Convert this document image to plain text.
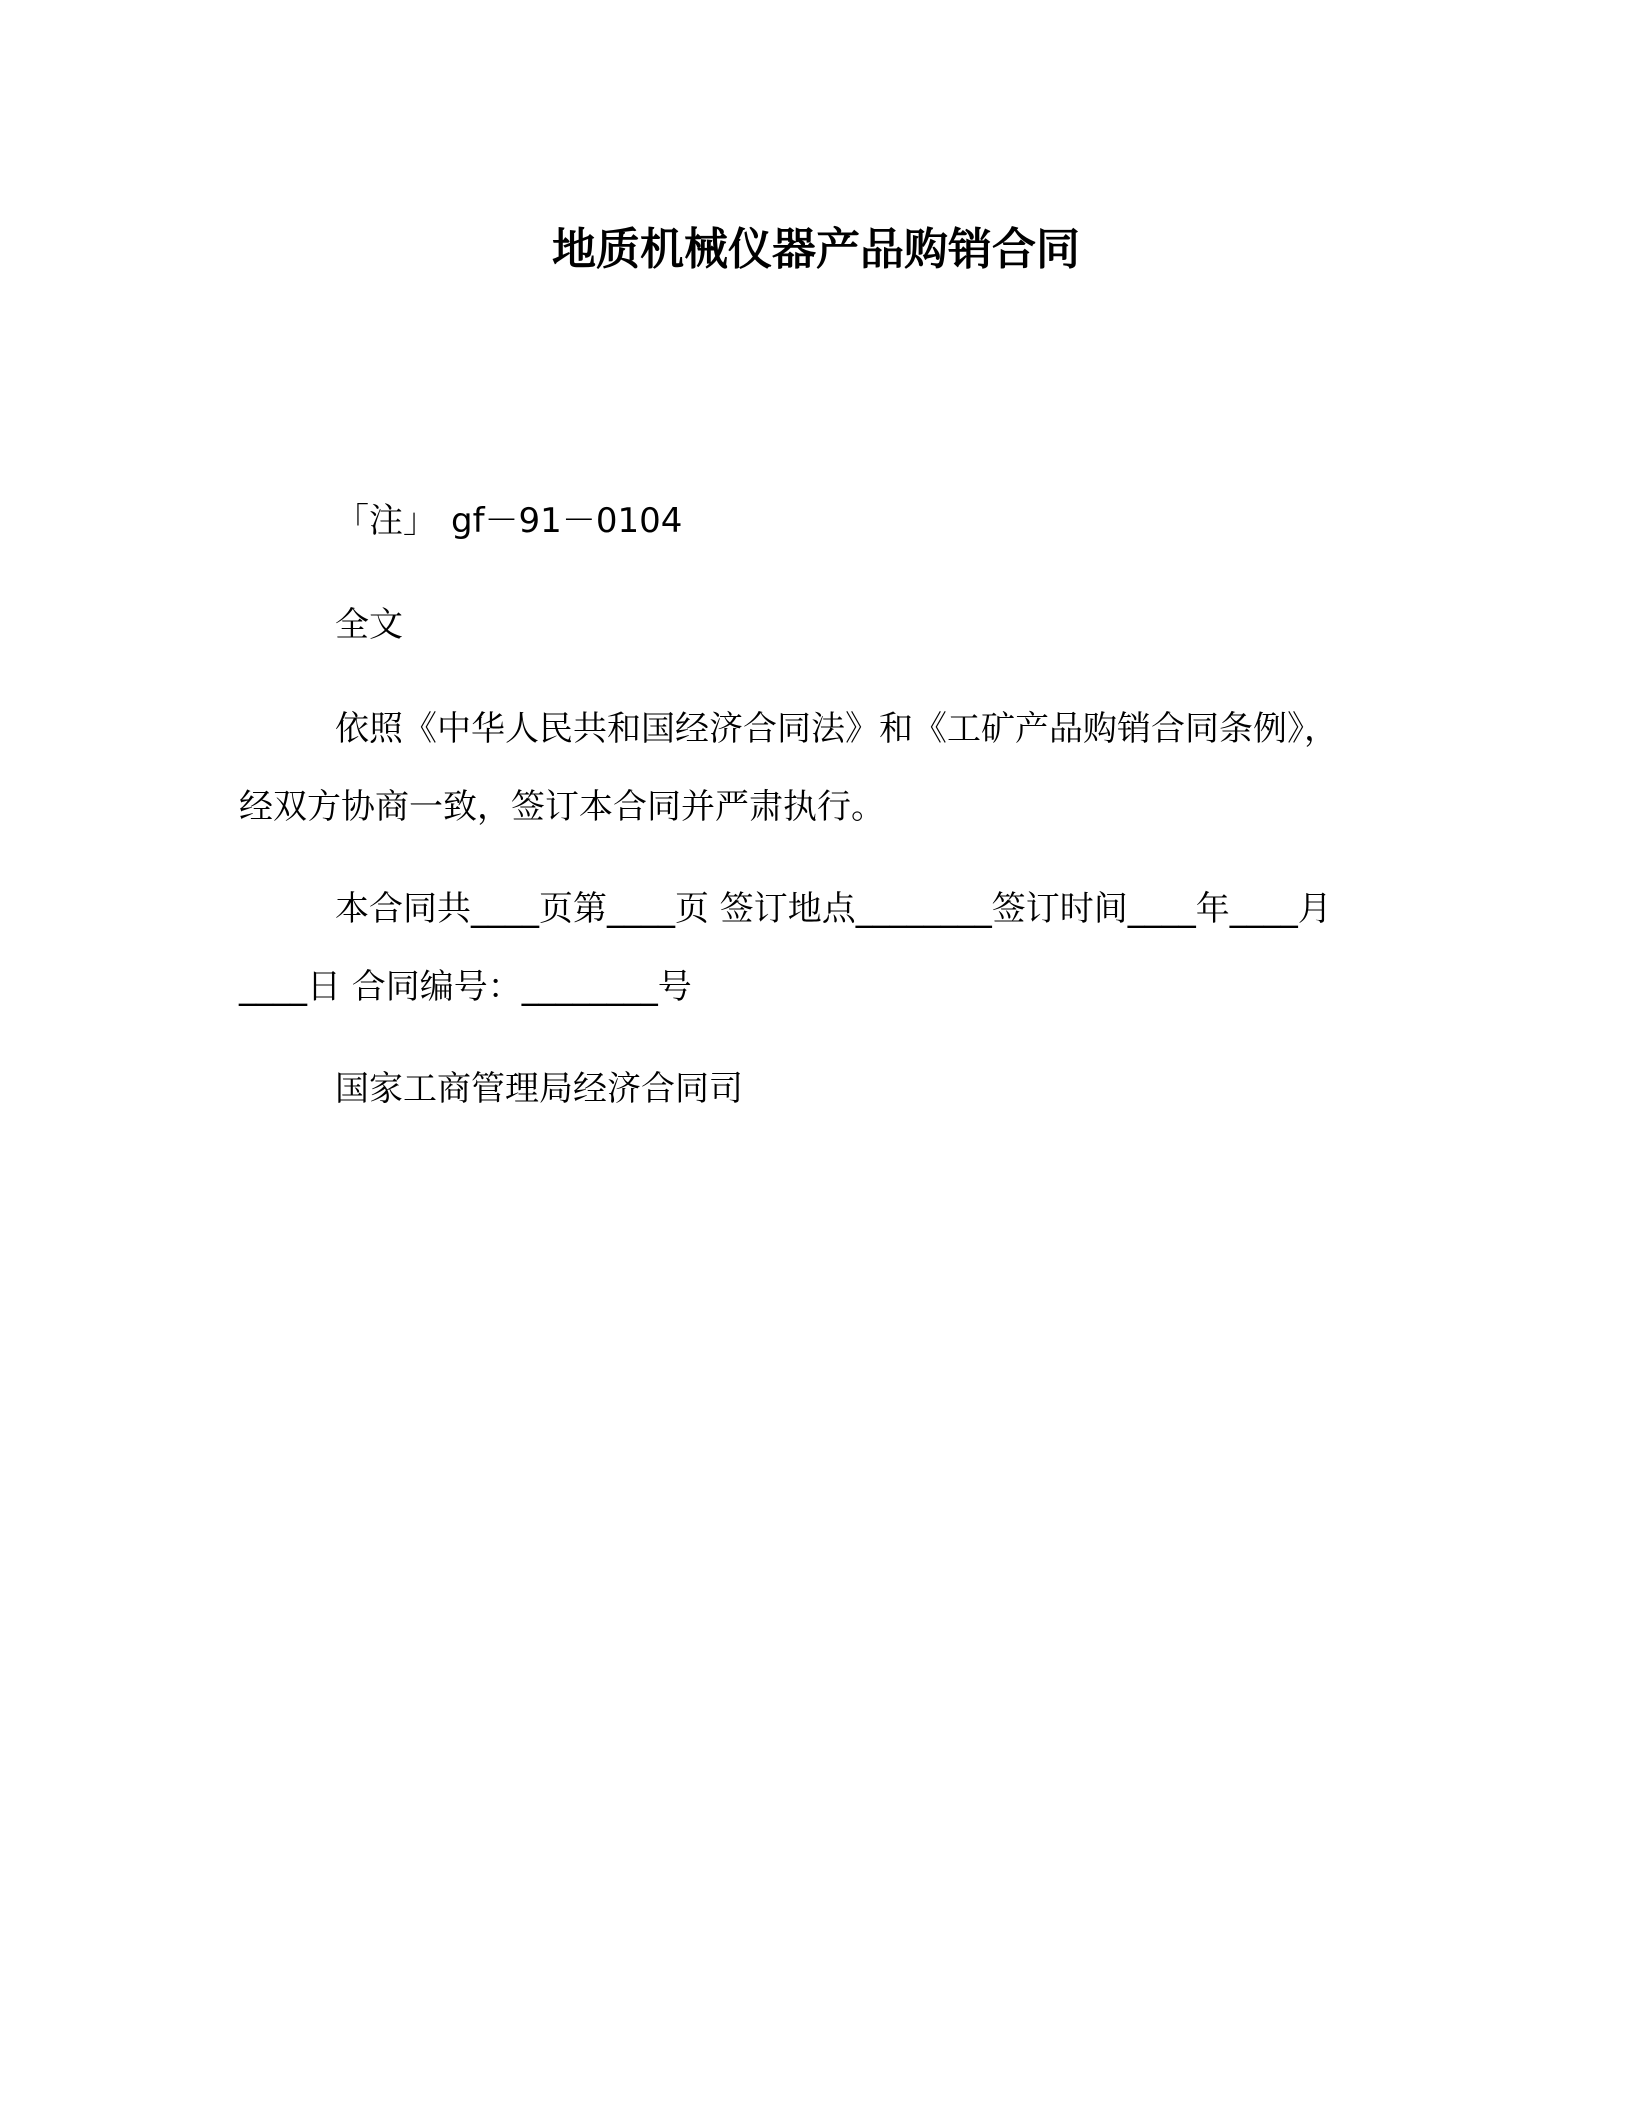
地质机械仪器产品购销合同

「注」 gf－91－0104

全文

依照《中华人民共和国经济合同法》和《工矿产品购销合同条例》，经双方协商一致，签订本合同并严肃执行。

本合同共____页第____页 签订地点________签订时间____年____月____日 合同编号：________号

国家工商管理局经济合同司
